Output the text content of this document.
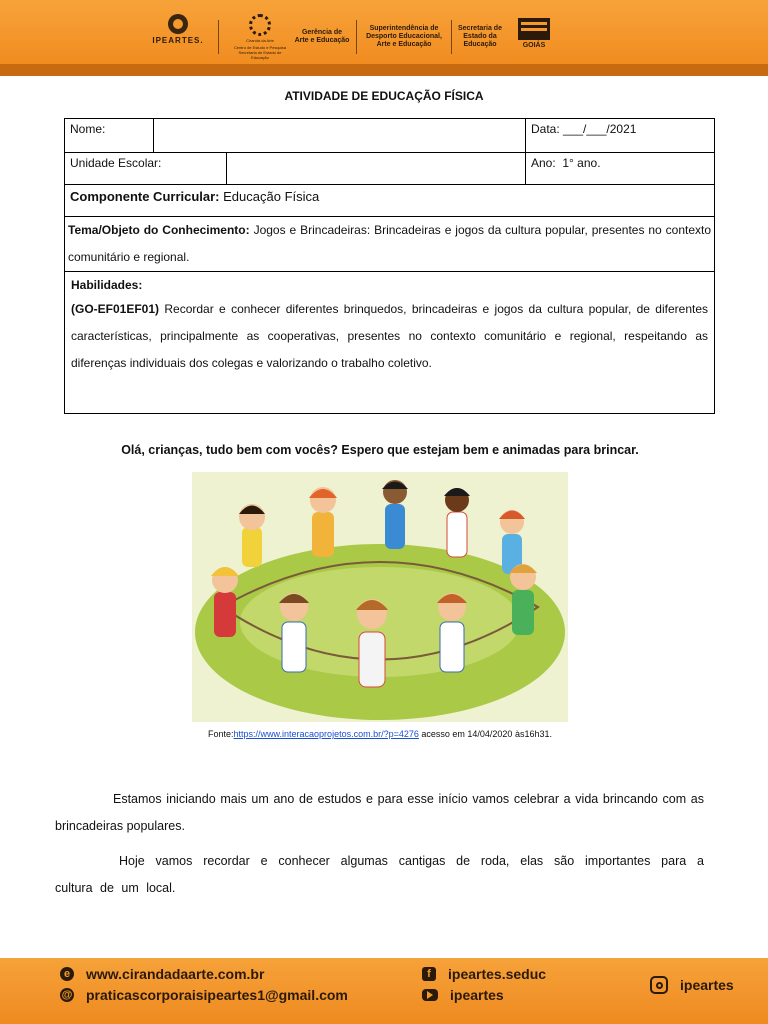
IPEARTES.	Ciranda da Arte
Centro de Estudo e Pesquisa Secretaria de Estado de Educação
Gerência de
Arte e Educação
Superintendência de
Desporto Educacional,
Arte e Educação
Secretaria de
Estado da
Educação	GOIÁS
ATIVIDADE DE EDUCAÇÃO FÍSICA
Nome:			Data: ___/___/2021
Unidade Escolar:			Ano: 1° ano.
Componente Curricular: Educação Física			
Tema/Objeto do Conhecimento: Jogos e Brincadeiras: Brincadeiras e jogos da cultura popular, presentes no contexto comunitário e regional.			

Habilidades:
(GO-EF01EF01) Recordar e conhecer diferentes brinquedos, brincadeiras e jogos da cultura popular, de diferentes características, principalmente as cooperativas, presentes no contexto comunitário e regional, respeitando as diferenças individuais dos colegas e valorizando o trabalho coletivo.			
Olá, crianças, tudo bem com vocês? Espero que estejam bem e animadas para brincar.
Fonte:https://www.interacaoprojetos.com.br/?p=4276 acesso em 14/04/2020 às16h31.
Estamos iniciando mais um ano de estudos e para esse início vamos celebrar a vida brincando com as brincadeiras populares.
Hoje vamos recordar e conhecer algumas cantigas de roda, elas são importantes para a cultura de um local.
e www.cirandadaarte.com.br
@ praticascorporaisipeartes1@gmail.com
f	ipeartes.seduc
ipeartes
ipeartes
